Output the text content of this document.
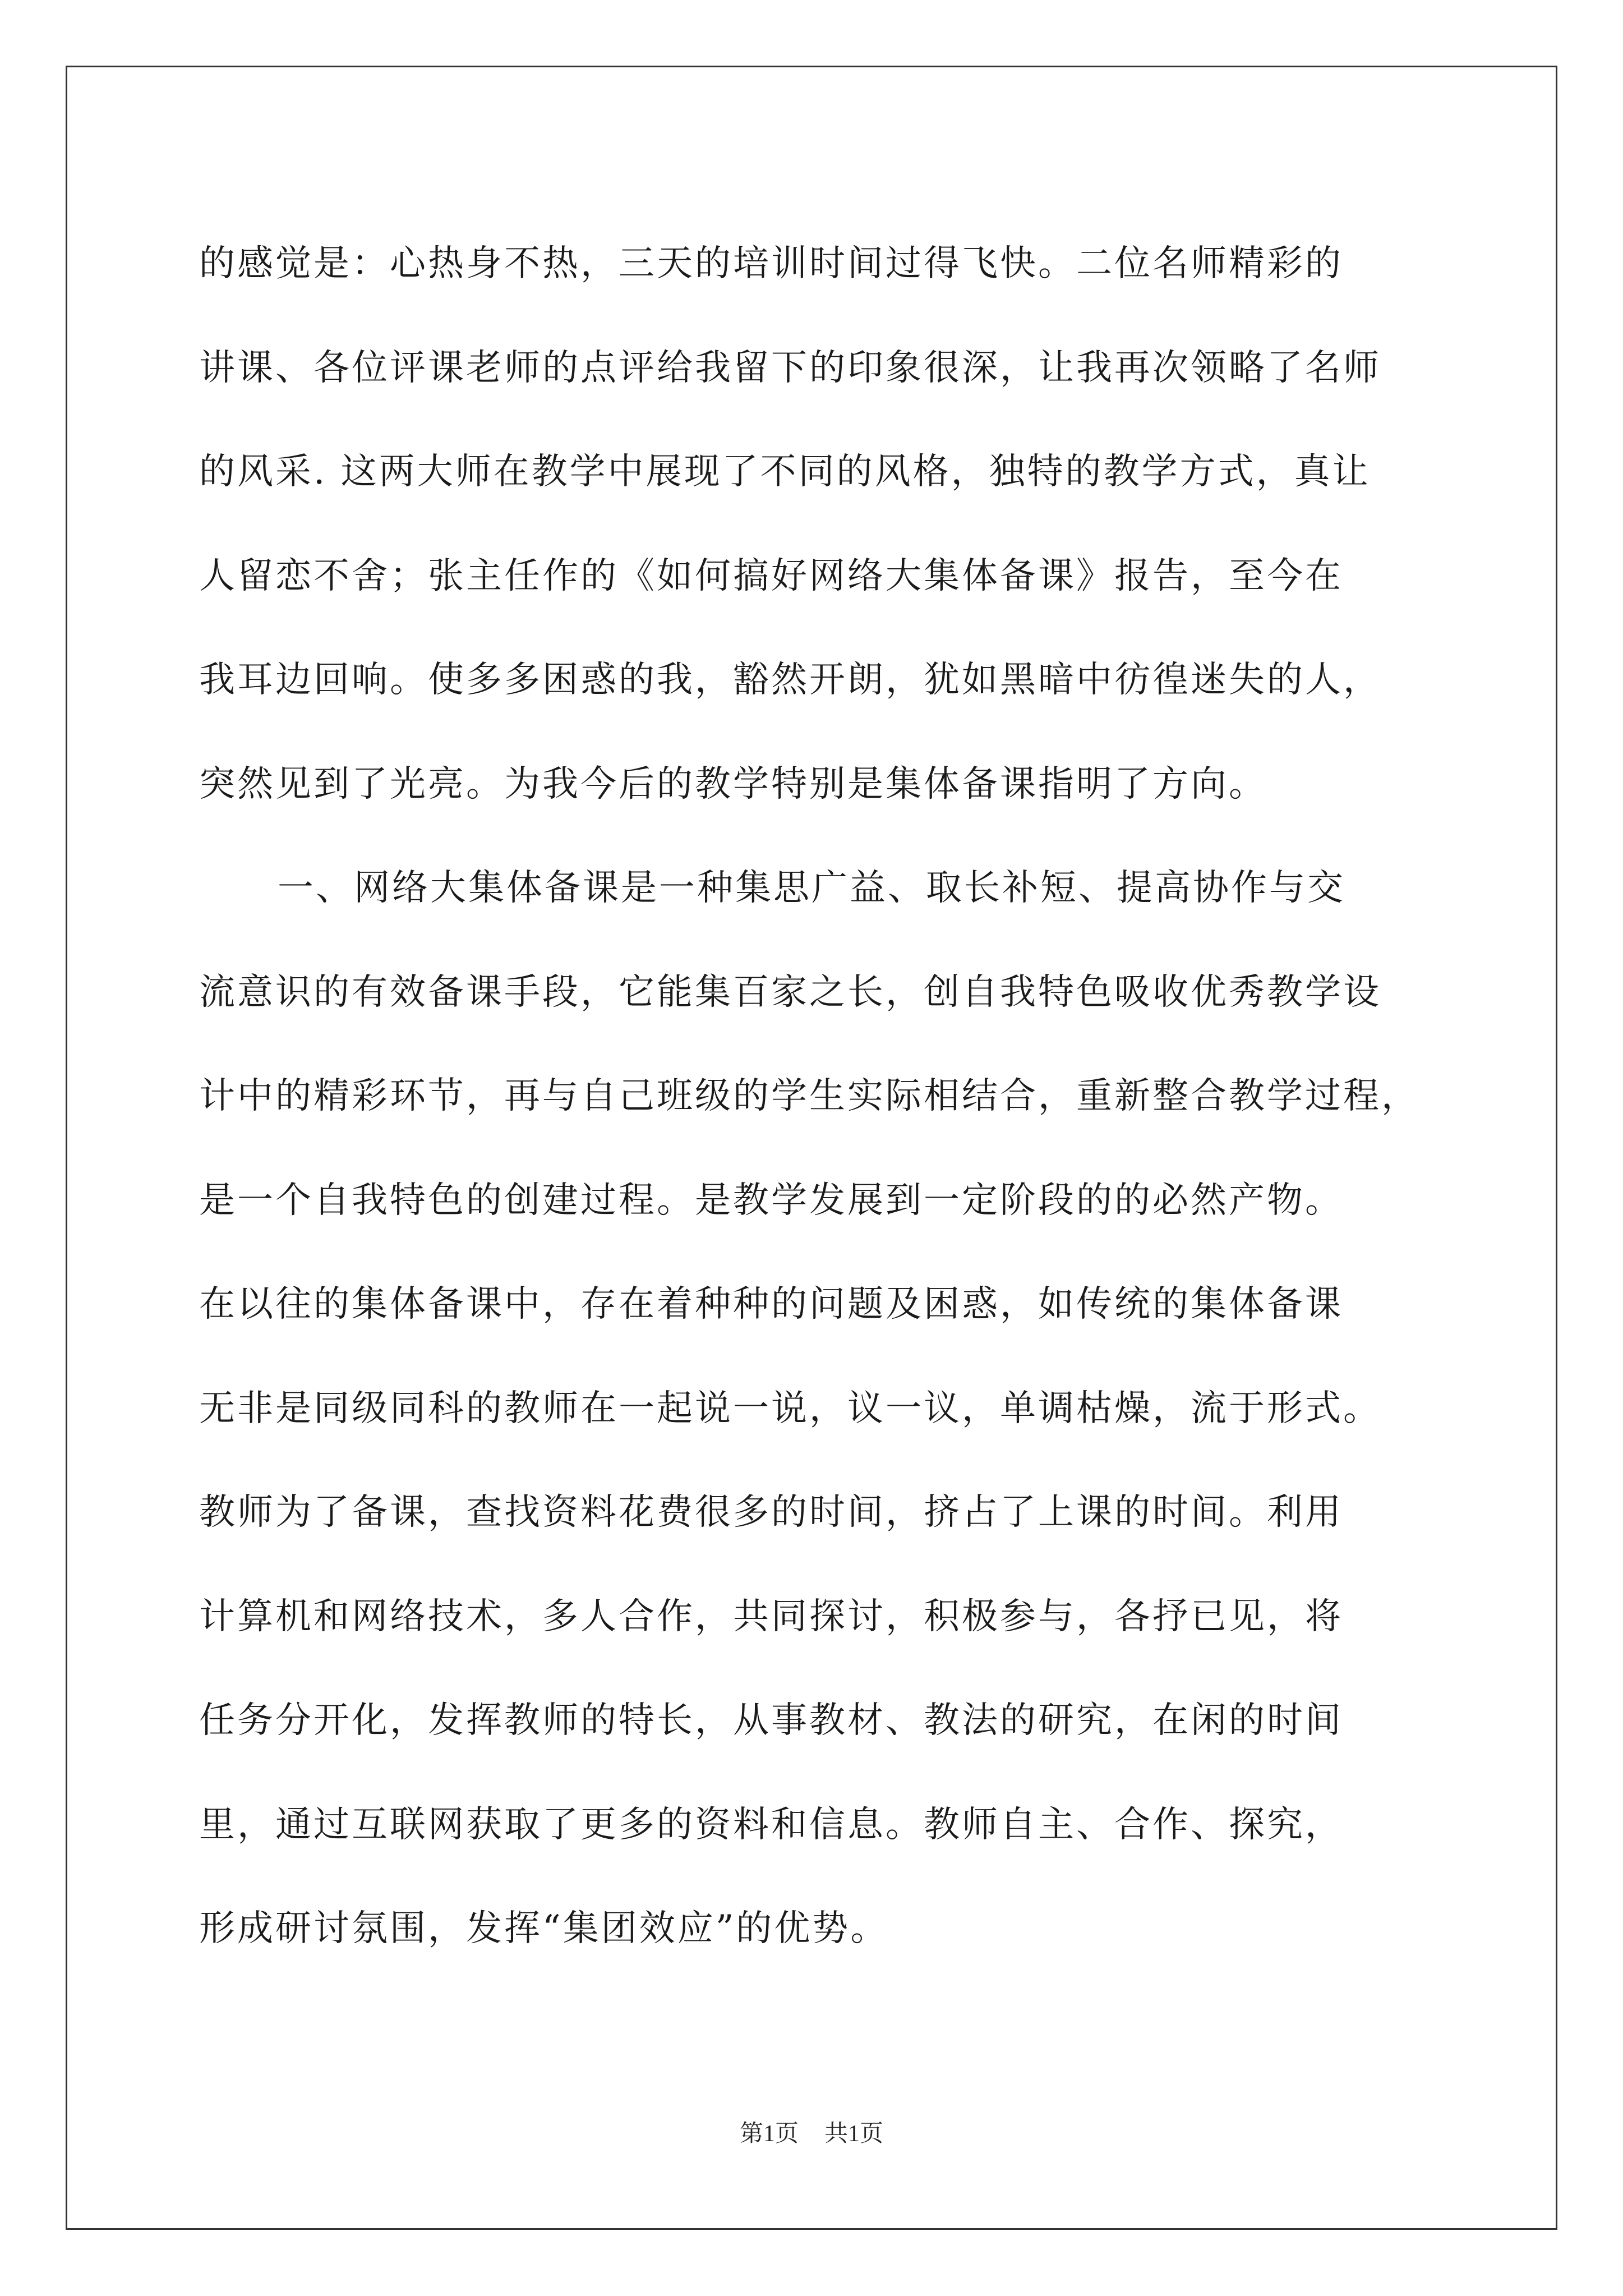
的感觉是：心热身不热，三天的培训时间过得飞快。二位名师精彩的
讲课、各位评课老师的点评给我留下的印象很深，让我再次领略了名师
的风采. 这两大师在教学中展现了不同的风格，独特的教学方式，真让
人留恋不舍；张主任作的《如何搞好网络大集体备课》报告，至今在
我耳边回响。使多多困惑的我，豁然开朗，犹如黑暗中彷徨迷失的人，
突然见到了光亮。为我今后的教学特别是集体备课指明了方向。
一、网络大集体备课是一种集思广益、取长补短、提高协作与交
流意识的有效备课手段，它能集百家之长，创自我特色吸收优秀教学设
计中的精彩环节，再与自己班级的学生实际相结合，重新整合教学过程，
是一个自我特色的创建过程。是教学发展到一定阶段的的必然产物。
在以往的集体备课中，存在着种种的问题及困惑，如传统的集体备课
无非是同级同科的教师在一起说一说，议一议，单调枯燥，流于形式。
教师为了备课，查找资料花费很多的时间，挤占了上课的时间。利用
计算机和网络技术，多人合作，共同探讨，积极参与，各抒已见，将
任务分开化，发挥教师的特长，从事教材、教法的研究，在闲的时间
里，通过互联网获取了更多的资料和信息。教师自主、合作、探究，
形成研讨氛围，发挥“集团效应”的优势。
第1页 共1页
